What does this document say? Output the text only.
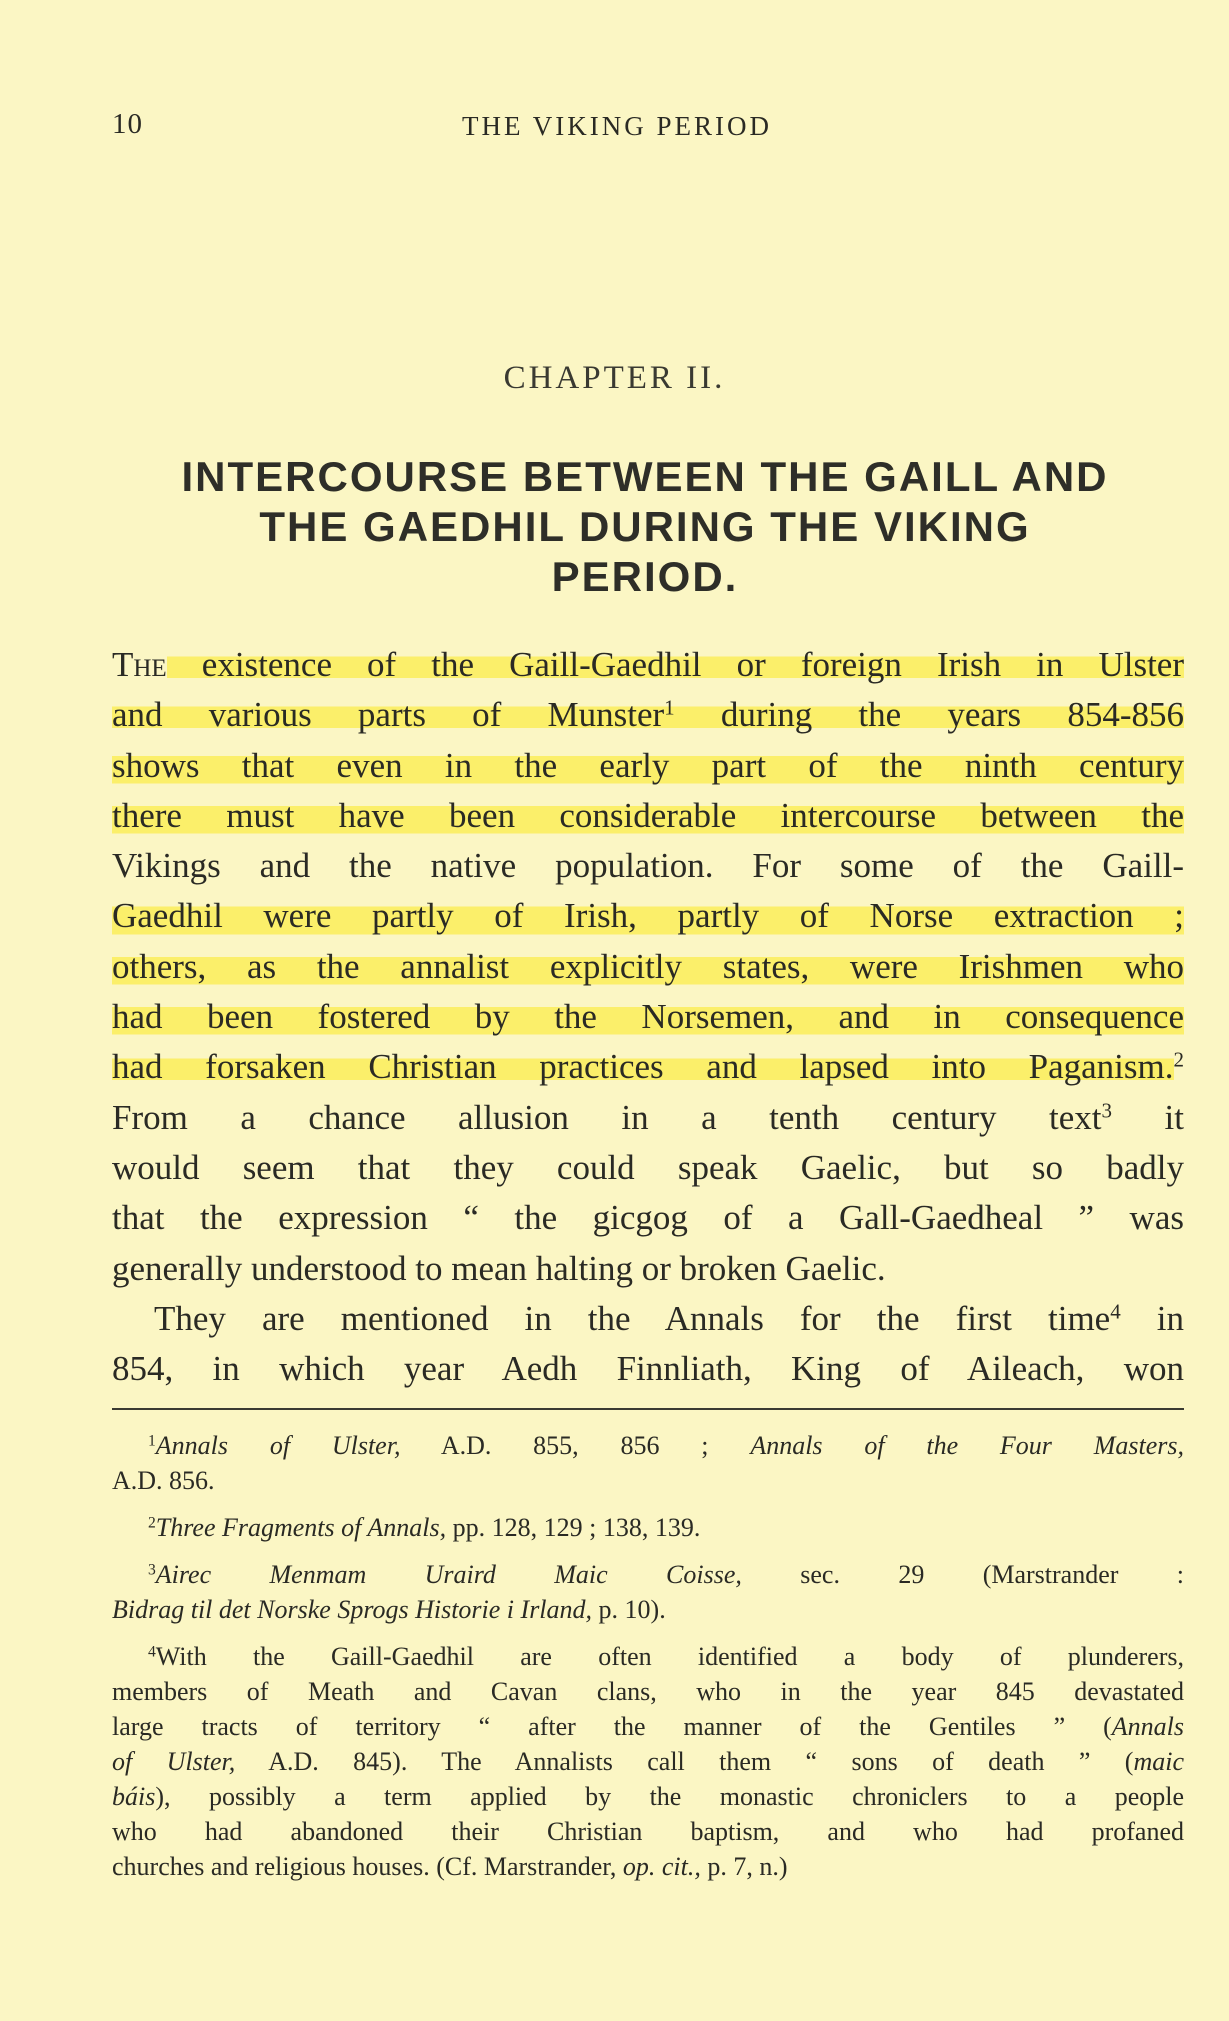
10	THE VIKING PERIOD
CHAPTER II.
INTERCOURSE BETWEEN THE GAILL AND
THE GAEDHIL DURING THE VIKING
PERIOD.
The existence of the Gaill-Gaedhil or foreign Irish in Ulster
and various parts of Munster$^1$ during the years 854-856
shows that even in the early part of the ninth century
there must have been considerable intercourse between the
Vikings and the native population. For some of the Gaill-
Gaedhil were partly of Irish, partly of Norse extraction ;
others, as the annalist explicitly states, were Irishmen who
had been fostered by the Norsemen, and in consequence
had forsaken Christian practices and lapsed into Paganism.$^2$
From a chance allusion in a tenth century text$^3$ it
would seem that they could speak Gaelic, but so badly
that the expression “ the gicgog of a Gall-Gaedheal ” was
generally understood to mean halting or broken Gaelic.
They are mentioned in the Annals for the first time$^4$ in
854, in which year Aedh Finnliath, King of Aileach, won
$^1$Annals of Ulster, A.D. 855, 856 ; Annals of the Four Masters,
A.D. 856.
$^2$Three Fragments of Annals, pp. 128, 129 ; 138, 139.
$^3$Airec Menmam Uraird Maic Coisse, sec. 29 (Marstrander :
Bidrag til det Norske Sprogs Historie i Irland, p. 10).
$^4$With the Gaill-Gaedhil are often identified a body of plunderers,
members of Meath and Cavan clans, who in the year 845 devastated
large tracts of territory “ after the manner of the Gentiles ” (Annals
of Ulster, A.D. 845). The Annalists call them “ sons of death ” (maic
báis), possibly a term applied by the monastic chroniclers to a people
who had abandoned their Christian baptism, and who had profaned
churches and religious houses. (Cf. Marstrander, op. cit., p. 7, n.)
